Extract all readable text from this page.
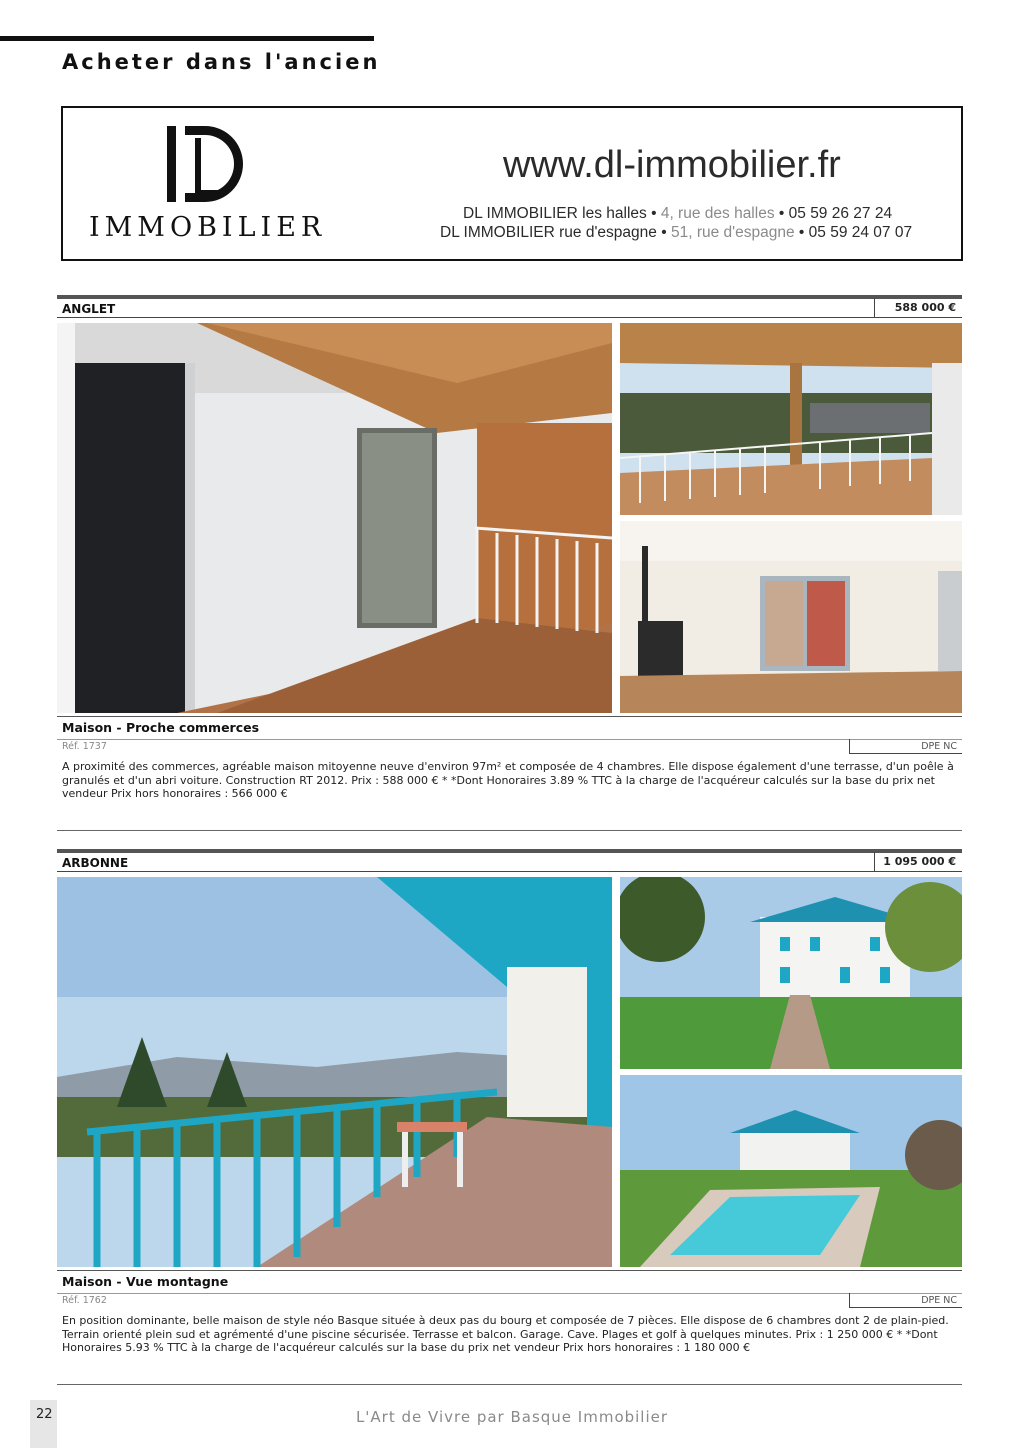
Acheter dans l'ancien
IMMOBILIER
www.dl-immobilier.fr
DL IMMOBILIER les halles • 4, rue des halles • 05 59 26 27 24
DL IMMOBILIER rue d'espagne • 51, rue d'espagne • 05 59 24 07 07
ANGLET	588 000 €
Maison - Proche commerces
Réf. 1737	DPE NC
A proximité des commerces, agréable maison mitoyenne neuve d'environ 97m² et composée de 4 chambres. Elle dispose également d'une terrasse, d'un poêle à granulés et d'un abri voiture. Construction RT 2012. Prix : 588 000 € * *Dont Honoraires 3.89 % TTC à la charge de l'acquéreur calculés sur la base du prix net vendeur Prix hors honoraires : 566 000 €
ARBONNE	1 095 000 €
Maison - Vue montagne
Réf. 1762	DPE NC
En position dominante, belle maison de style néo Basque située à deux pas du bourg et composée de 7 pièces. Elle dispose de 6 chambres dont 2 de plain-pied. Terrain orienté plein sud et agrémenté d'une piscine sécurisée. Terrasse et balcon. Garage. Cave. Plages et golf à quelques minutes. Prix : 1 250 000 € * *Dont Honoraires 5.93 % TTC à la charge de l'acquéreur calculés sur la base du prix net vendeur Prix hors honoraires : 1 180 000 €
22	L'Art de Vivre par Basque Immobilier
